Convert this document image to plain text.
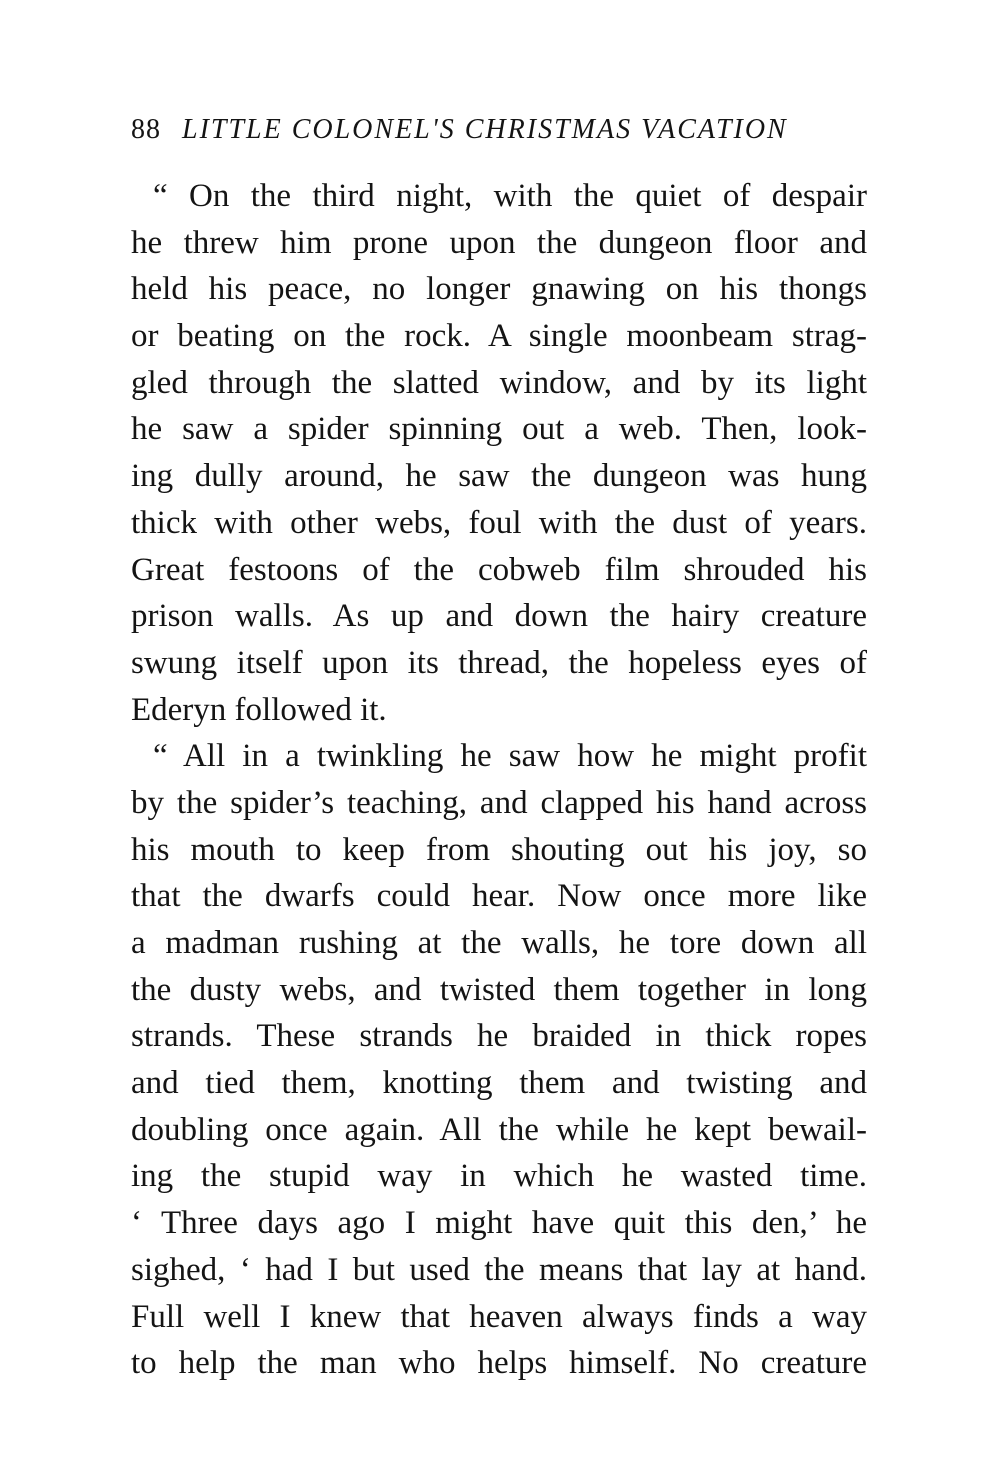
88 LITTLE COLONEL'S CHRISTMAS VACATION
“ On the third night, with the quiet of despair
he threw him prone upon the dungeon floor and
held his peace, no longer gnawing on his thongs
or beating on the rock. A single moonbeam strag-
gled through the slatted window, and by its light
he saw a spider spinning out a web. Then, look-
ing dully around, he saw the dungeon was hung
thick with other webs, foul with the dust of years.
Great festoons of the cobweb film shrouded his
prison walls. As up and down the hairy creature
swung itself upon its thread, the hopeless eyes of
Ederyn followed it.
“ All in a twinkling he saw how he might profit
by the spider’s teaching, and clapped his hand across
his mouth to keep from shouting out his joy, so
that the dwarfs could hear. Now once more like
a madman rushing at the walls, he tore down all
the dusty webs, and twisted them together in long
strands. These strands he braided in thick ropes
and tied them, knotting them and twisting and
doubling once again. All the while he kept bewail-
ing the stupid way in which he wasted time.
‘ Three days ago I might have quit this den,’ he
sighed, ‘ had I but used the means that lay at hand.
Full well I knew that heaven always finds a way
to help the man who helps himself. No creature
